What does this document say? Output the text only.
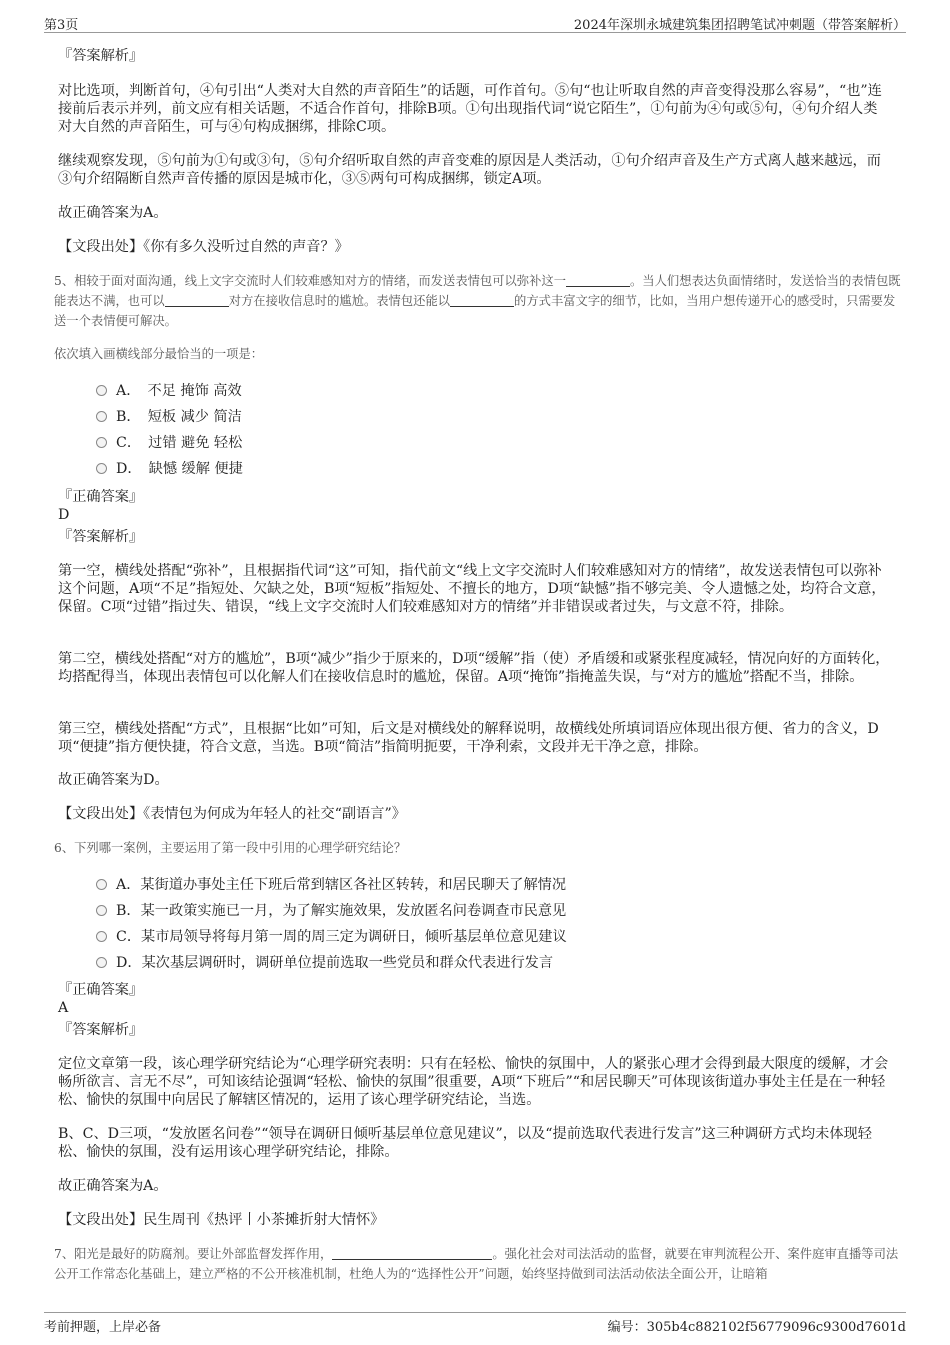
第3页	2024年深圳永城建筑集团招聘笔试冲刺题（带答案解析）
『答案解析』

对比选项，判断首句，④句引出“人类对大自然的声音陌生”的话题，可作首句。⑤句“也让听取自然的声音变得没那么容易”，“也”连接前后表示并列，前文应有相关话题，不适合作首句，排除B项。①句出现指代词“说它陌生”，①句前为④句或⑤句，④句介绍人类对大自然的声音陌生，可与④句构成捆绑，排除C项。

继续观察发现，⑤句前为①句或③句，⑤句介绍听取自然的声音变难的原因是人类活动，①句介绍声音及生产方式离人越来越远，而③句介绍隔断自然声音传播的原因是城市化，③⑤两句可构成捆绑，锁定A项。

故正确答案为A。
【文段出处】《你有多久没听过自然的声音？》

5、相较于面对面沟通，线上文字交流时人们较难感知对方的情绪，而发送表情包可以弥补这一	。当人们想表达负面情绪时，发送恰当的表情包既能表达不满，也可以	对方在接收信息时的尴尬。表情包还能以	的方式丰富文字的细节，比如，当用户想传递开心的感受时，只需要发送一个表情便可解决。

依次填入画横线部分最恰当的一项是：
A．　不足 掩饰 高效
B．　短板 减少 简洁
C．　过错 避免 轻松
D．　缺憾 缓解 便捷
『正确答案』
D
『答案解析』

第一空，横线处搭配“弥补”，且根据指代词“这”可知，指代前文“线上文字交流时人们较难感知对方的情绪”，故发送表情包可以弥补这个问题，A项“不足”指短处、欠缺之处，B项“短板”指短处、不擅长的地方，D项“缺憾”指不够完美、令人遗憾之处，均符合文意，保留。C项“过错”指过失、错误，“线上文字交流时人们较难感知对方的情绪”并非错误或者过失，与文意不符，排除。

第二空，横线处搭配“对方的尴尬”，B项“减少”指少于原来的，D项“缓解”指（使）矛盾缓和或紧张程度减轻，情况向好的方面转化，均搭配得当，体现出表情包可以化解人们在接收信息时的尴尬，保留。A项“掩饰”指掩盖失误，与“对方的尴尬”搭配不当，排除。

第三空，横线处搭配“方式”，且根据“比如”可知，后文是对横线处的解释说明，故横线处所填词语应体现出很方便、省力的含义，D项“便捷”指方便快捷，符合文意，当选。B项“简洁”指简明扼要，干净利索，文段并无干净之意，排除。

故正确答案为D。
【文段出处】《表情包为何成为年轻人的社交“副语言”》
6、下列哪一案例，主要运用了第一段中引用的心理学研究结论？
A．某街道办事处主任下班后常到辖区各社区转转，和居民聊天了解情况
B．某一政策实施已一月，为了解实施效果，发放匿名问卷调查市民意见
C．某市局领导将每月第一周的周三定为调研日，倾听基层单位意见建议
D．某次基层调研时，调研单位提前选取一些党员和群众代表进行发言
『正确答案』
A
『答案解析』

定位文章第一段，该心理学研究结论为“心理学研究表明：只有在轻松、愉快的氛围中，人的紧张心理才会得到最大限度的缓解，才会畅所欲言、言无不尽”，可知该结论强调“轻松、愉快的氛围”很重要，A项“下班后”“和居民聊天”可体现该街道办事处主任是在一种轻松、愉快的氛围中向居民了解辖区情况的，运用了该心理学研究结论，当选。

B、C、D三项，“发放匿名问卷”“领导在调研日倾听基层单位意见建议”，以及“提前选取代表进行发言”这三种调研方式均未体现轻松、愉快的氛围，没有运用该心理学研究结论，排除。

故正确答案为A。
【文段出处】民生周刊《热评丨小茶摊折射大情怀》

7、阳光是最好的防腐剂。要让外部监督发挥作用，	。强化社会对司法活动的监督，就要在审判流程公开、案件庭审直播等司法公开工作常态化基础上，建立严格的不公开核准机制，杜绝人为的“选择性公开”问题，始终坚持做到司法活动依法全面公开，让暗箱

考前押题，上岸必备	编号：305b4c882102f56779096c9300d7601d
